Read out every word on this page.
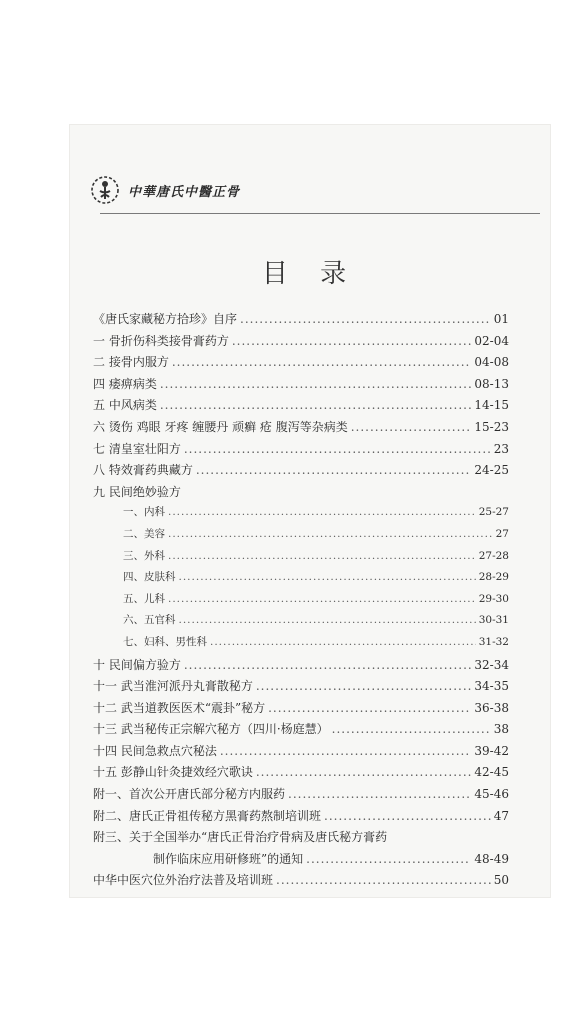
中華唐氏中醫正骨
目 录
《唐氏家藏秘方拾珍》自序 .....	01
一 骨折伤科类接骨膏药方 .....	02-04
二 接骨内服方 .....	04-08
四 痿痹病类 .....	08-13
五 中风病类 .....	14-15
六 烫伤 鸡眼 牙疼 缠腰丹 顽癣 疮 腹泻等杂病类 .....	15-23
七 清皇室壮阳方 .....	23
八 特效膏药典藏方 .....	24-25
九 民间绝妙验方
一、内科 .....	25-27
二、美容 .....	27
三、外科 .....	27-28
四、皮肤科 .....	28-29
五、儿科 .....	29-30
六、五官科 .....	30-31
七、妇科、男性科 .....	31-32
十 民间偏方验方 .....	32-34
十一 武当淮河派丹丸膏散秘方 .....	34-35
十二 武当道教医医术“震卦”秘方 .....	36-38
十三 武当秘传正宗解穴秘方（四川·杨庭慧） .....	38
十四 民间急救点穴秘法 .....	39-42
十五 彭静山针灸捷效经穴歌诀 .....	42-45
附一、首次公开唐氏部分秘方内服药 .....	45-46
附二、唐氏正骨祖传秘方黑膏药熬制培训班 .....	47
附三、关于全国举办“唐氏正骨治疗骨病及唐氏秘方膏药
制作临床应用研修班”的通知 .....	48-49
中华中医穴位外治疗法普及培训班 .....	50
